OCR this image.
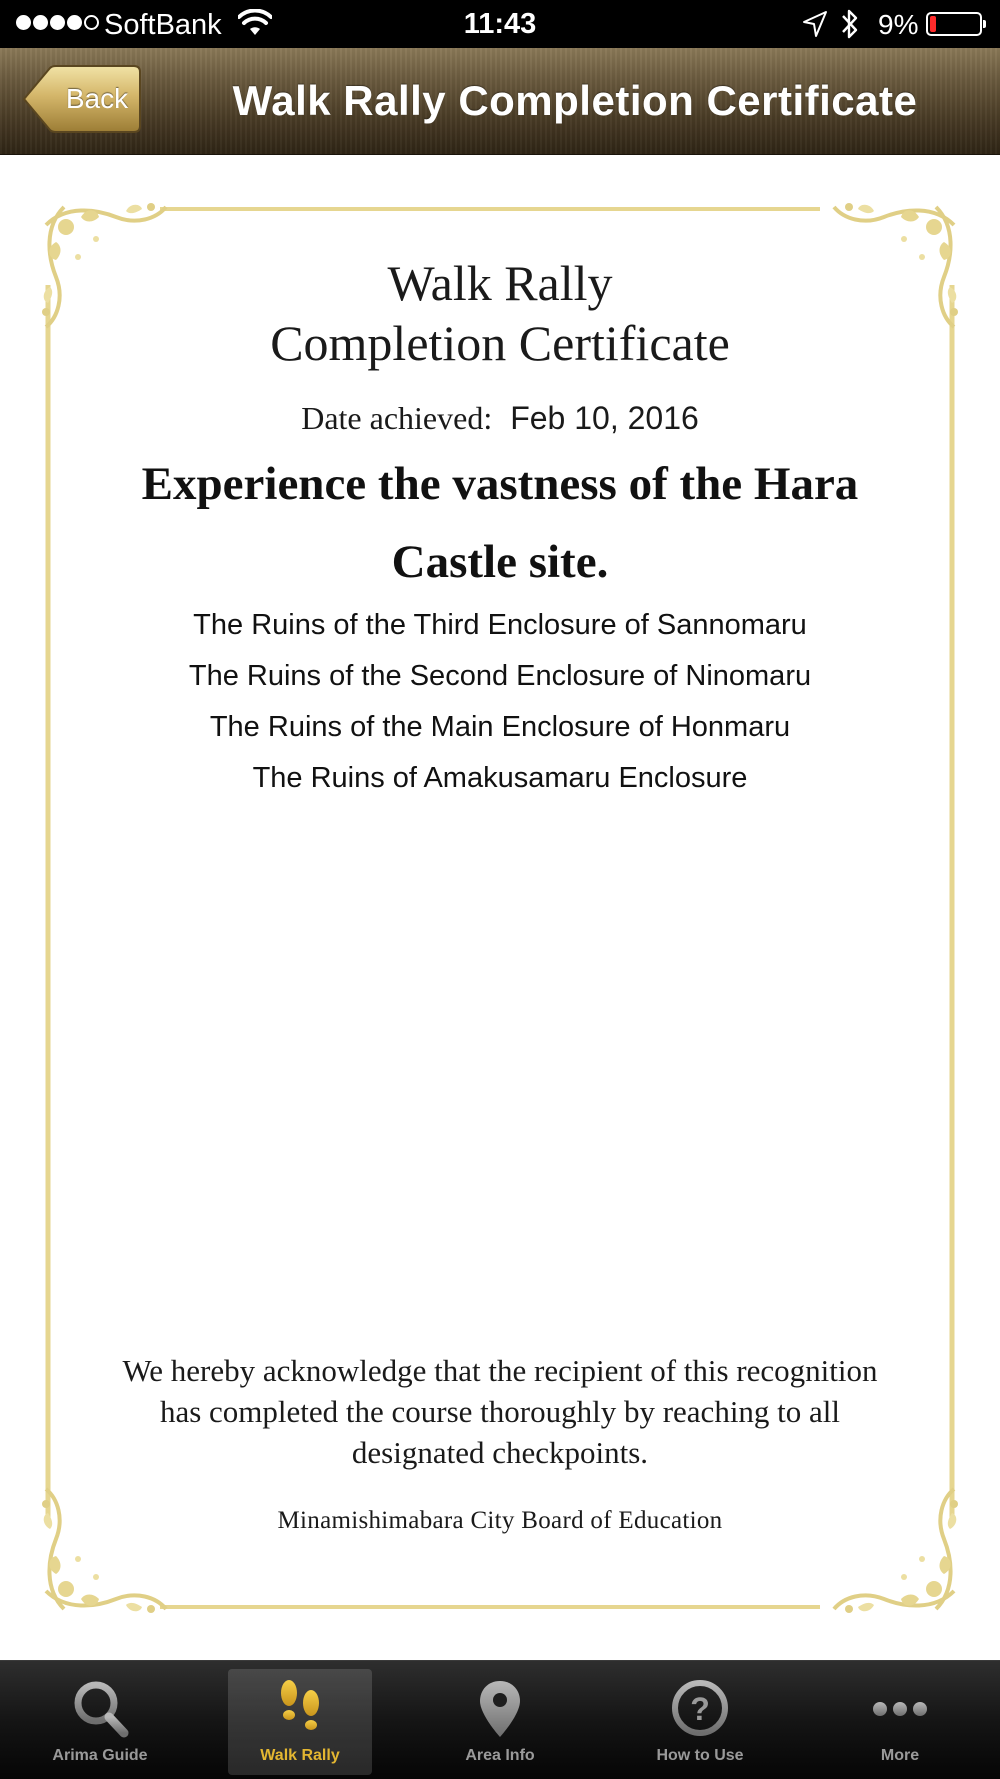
SoftBank	11:43	9%
Back	Walk Rally Completion Certificate
Walk Rally
Completion Certificate
Date achieved: Feb 10, 2016
Experience the vastness of the Hara Castle site.
The Ruins of the Third Enclosure of Sannomaru
The Ruins of the Second Enclosure of Ninomaru
The Ruins of the Main Enclosure of Honmaru
The Ruins of Amakusamaru Enclosure
We hereby acknowledge that the recipient of this recognition has completed the course thoroughly by reaching to all designated checkpoints.
Minamishimabara City Board of Education
Arima Guide	Walk Rally	Area Info
?
How to Use	More
